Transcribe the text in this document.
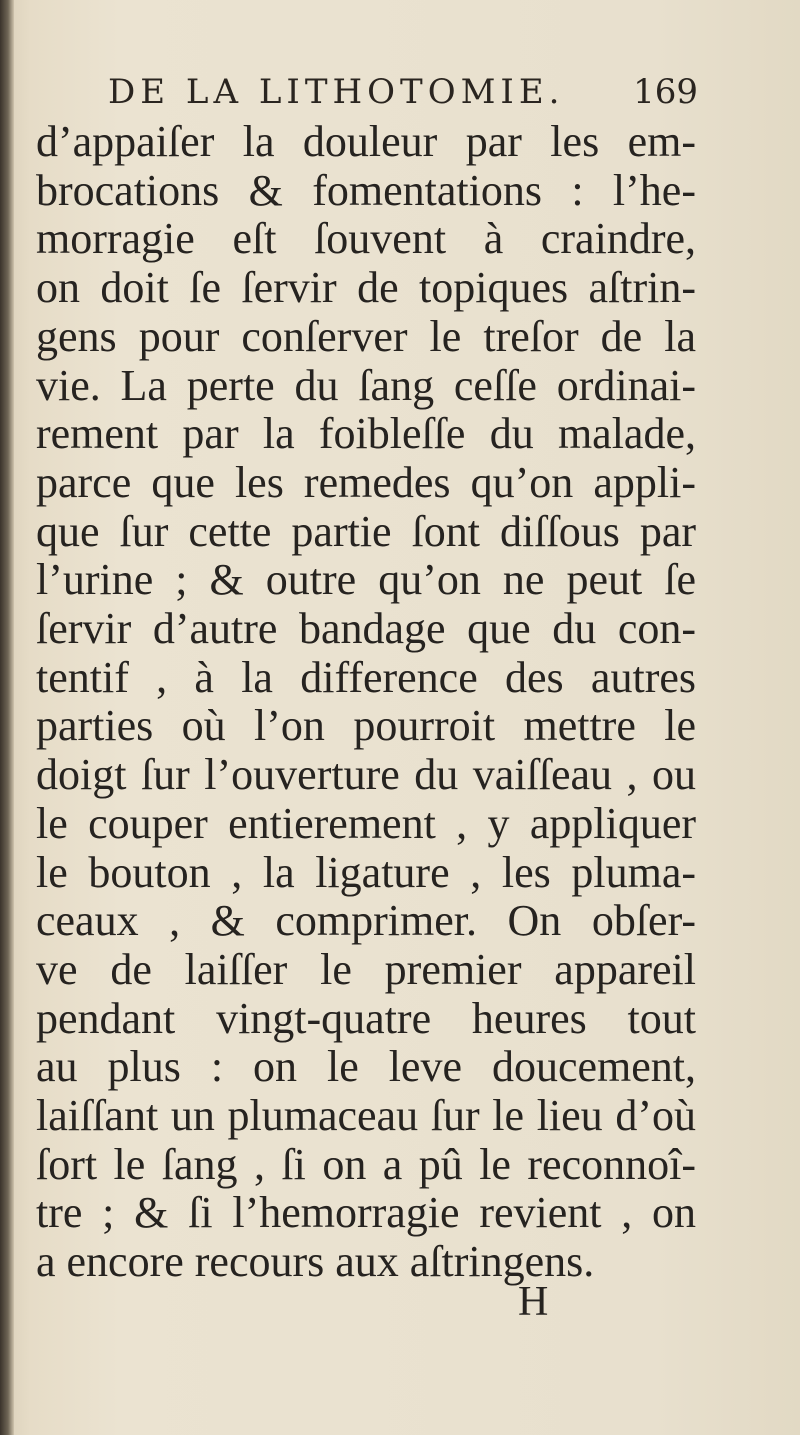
DE LA LITHOTOMIE. 169
d’appaiſer la douleur par les em-
brocations & fomentations : l’he-
morragie eſt ſouvent à craindre,
on doit ſe ſervir de topiques aſtrin-
gens pour conſerver le treſor de la
vie. La perte du ſang ceſſe ordinai-
rement par la foibleſſe du malade,
parce que les remedes qu’on appli-
que ſur cette partie ſont diſſous par
l’urine ; & outre qu’on ne peut ſe
ſervir d’autre bandage que du con-
tentif , à la difference des autres
parties où l’on pourroit mettre le
doigt ſur l’ouverture du vaiſſeau , ou
le couper entierement , y appliquer
le bouton , la ligature , les pluma-
ceaux , & comprimer. On obſer-
ve de laiſſer le premier appareil
pendant vingt-quatre heures tout
au plus : on le leve doucement,
laiſſant un plumaceau ſur le lieu d’où
ſort le ſang , ſi on a pû le reconnoî-
tre ; & ſi l’hemorragie revient , on
a encore recours aux aſtringens.
H
